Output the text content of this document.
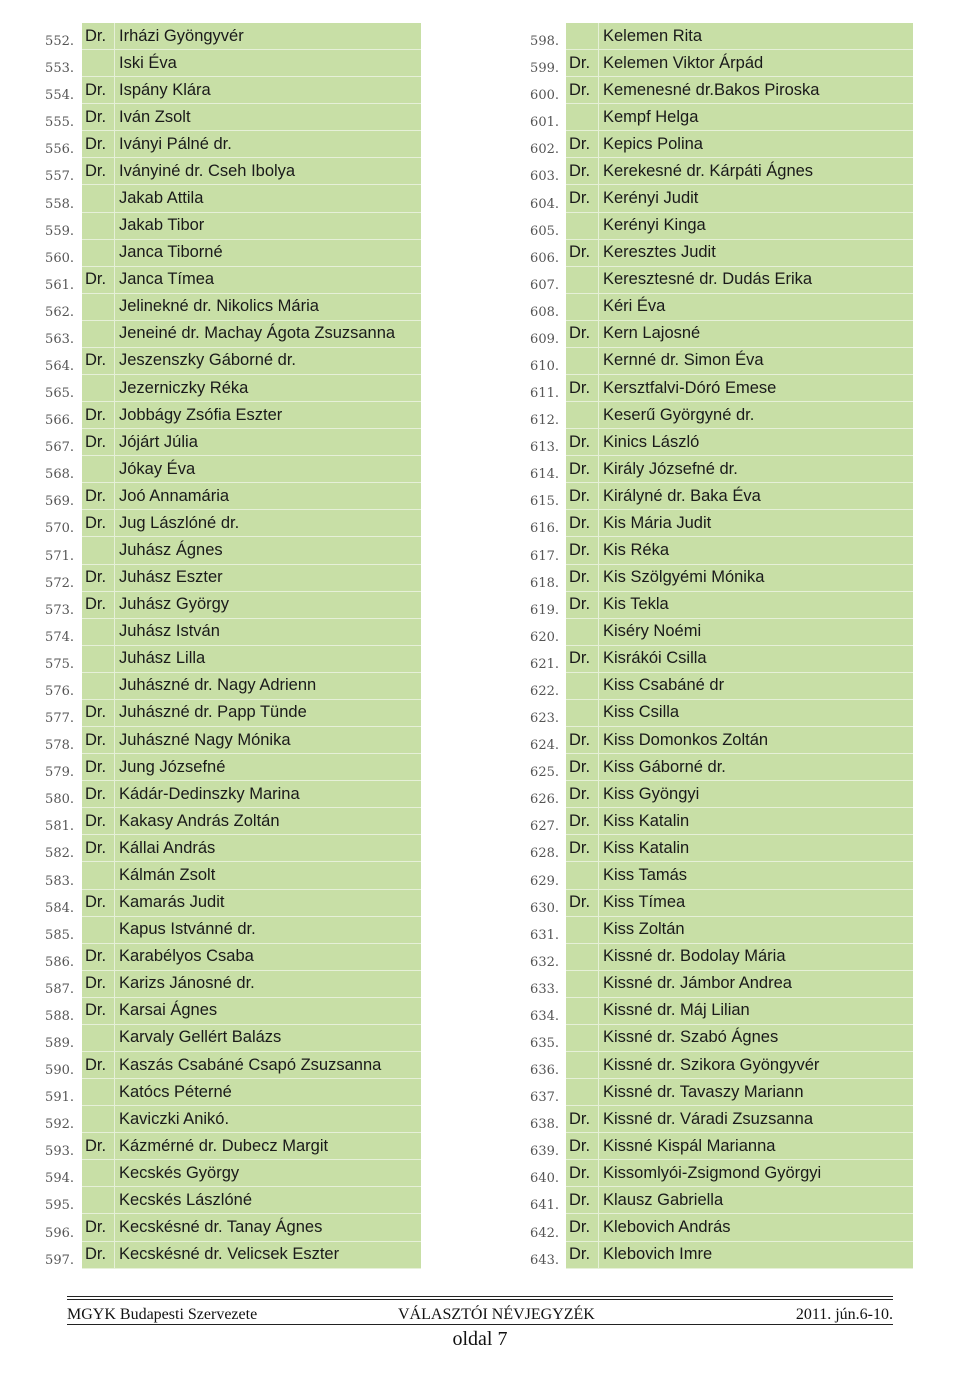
552. Dr. Irházi Gyöngyvér
553.	Iski Éva
554. Dr. Ispány Klára
555. Dr. Iván Zsolt
556. Dr. Iványi Pálné dr.
557. Dr. Iványiné dr. Cseh Ibolya
558.	Jakab Attila
559.	Jakab Tibor
560.	Janca Tiborné
561. Dr. Janca Tímea
562.	Jelinekné dr. Nikolics Mária
563.	Jeneiné dr. Machay Ágota Zsuzsanna
564. Dr. Jeszenszky Gáborné dr.
565.	Jezerniczky Réka
566. Dr. Jobbágy Zsófia Eszter
567. Dr. Jójárt Júlia
568.	Jókay Éva
569. Dr. Joó Annamária
570. Dr. Jug Lászlóné dr.
571.	Juhász Ágnes
572. Dr. Juhász Eszter
573. Dr. Juhász György
574.	Juhász István
575.	Juhász Lilla
576.	Juhászné dr. Nagy Adrienn
577. Dr. Juhászné dr. Papp Tünde
578. Dr. Juhászné Nagy Mónika
579. Dr. Jung Józsefné
580. Dr. Kádár-Dedinszky Marina
581. Dr. Kakasy András Zoltán
582. Dr. Kállai András
583.	Kálmán Zsolt
584. Dr. Kamarás Judit
585.	Kapus Istvánné dr.
586. Dr. Karabélyos Csaba
587. Dr. Karizs Jánosné dr.
588. Dr. Karsai Ágnes
589.	Karvaly Gellért Balázs
590. Dr. Kaszás Csabáné Csapó Zsuzsanna
591.	Katócs Péterné
592.	Kaviczki Anikó.
593. Dr. Kázmérné dr. Dubecz Margit
594.	Kecskés György
595.	Kecskés Lászlóné
596. Dr. Kecskésné dr. Tanay Ágnes
597. Dr. Kecskésné dr. Velicsek Eszter
598.	Kelemen Rita
599. Dr. Kelemen Viktor Árpád
600. Dr. Kemenesné dr.Bakos Piroska
601.	Kempf Helga
602. Dr. Kepics Polina
603. Dr. Kerekesné dr. Kárpáti Ágnes
604. Dr. Kerényi Judit
605.	Kerényi Kinga
606. Dr. Keresztes Judit
607.	Keresztesné dr. Dudás Erika
608.	Kéri Éva
609. Dr. Kern Lajosné
610.	Kernné dr. Simon Éva
611. Dr. Kersztfalvi-Dóró Emese
612.	Keserű Györgyné dr.
613. Dr. Kinics László
614. Dr. Király Józsefné dr.
615. Dr. Királyné dr. Baka Éva
616. Dr. Kis Mária Judit
617. Dr. Kis Réka
618. Dr. Kis Szölgyémi Mónika
619. Dr. Kis Tekla
620.	Kiséry Noémi
621. Dr. Kisrákói Csilla
622.	Kiss Csabáné dr
623.	Kiss Csilla
624. Dr. Kiss Domonkos Zoltán
625. Dr. Kiss Gáborné dr.
626. Dr. Kiss Gyöngyi
627. Dr. Kiss Katalin
628. Dr. Kiss Katalin
629.	Kiss Tamás
630. Dr. Kiss Tímea
631.	Kiss Zoltán
632.	Kissné dr. Bodolay Mária
633.	Kissné dr. Jámbor Andrea
634.	Kissné dr. Máj Lilian
635.	Kissné dr. Szabó Ágnes
636.	Kissné dr. Szikora Gyöngyvér
637.	Kissné dr. Tavaszy Mariann
638. Dr. Kissné dr. Váradi Zsuzsanna
639. Dr. Kissné Kispál Marianna
640. Dr. Kissomlyói-Zsigmond Györgyi
641. Dr. Klausz Gabriella
642. Dr. Klebovich András
643. Dr. Klebovich Imre
MGYK Budapesti Szervezete	VÁLASZTÓI NÉVJEGYZÉK	2011. jún.6-10.
oldal 7
